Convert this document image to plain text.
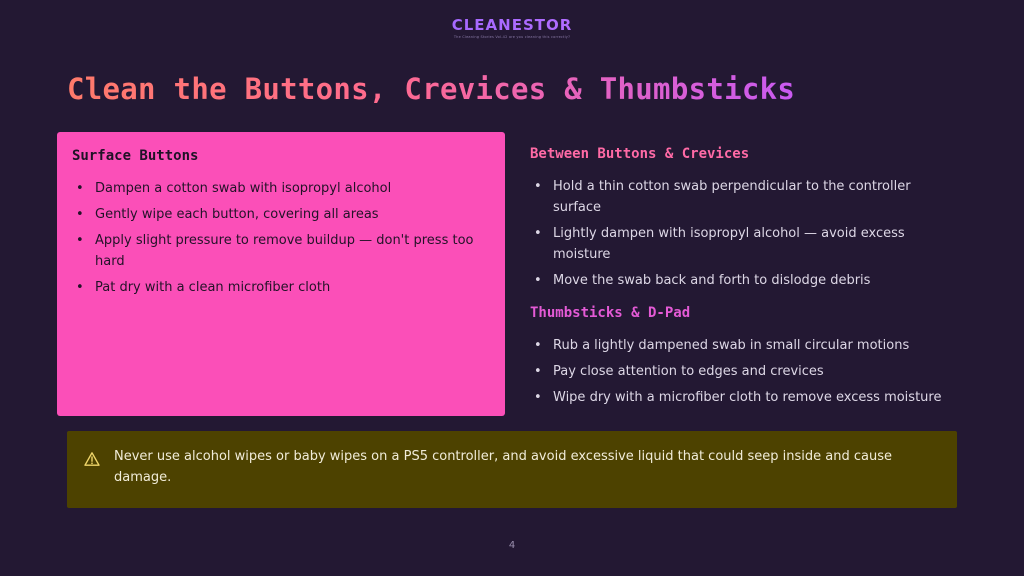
CLEANESTOR
The Cleaning Stories Vol-42 are you cleaning this correctly?
Clean the Buttons, Crevices & Thumbsticks
Surface Buttons
• Dampen a cotton swab with isopropyl alcohol
• Gently wipe each button, covering all areas
• Apply slight pressure to remove buildup — don't press too hard
• Pat dry with a clean microfiber cloth
Between Buttons & Crevices
• Hold a thin cotton swab perpendicular to the controller surface
• Lightly dampen with isopropyl alcohol — avoid excess moisture
• Move the swab back and forth to dislodge debris
Thumbsticks & D-Pad
• Rub a lightly dampened swab in small circular motions
• Pay close attention to edges and crevices
• Wipe dry with a microfiber cloth to remove excess moisture

Never use alcohol wipes or baby wipes on a PS5 controller, and avoid excessive liquid that could seep inside and cause damage.

4
